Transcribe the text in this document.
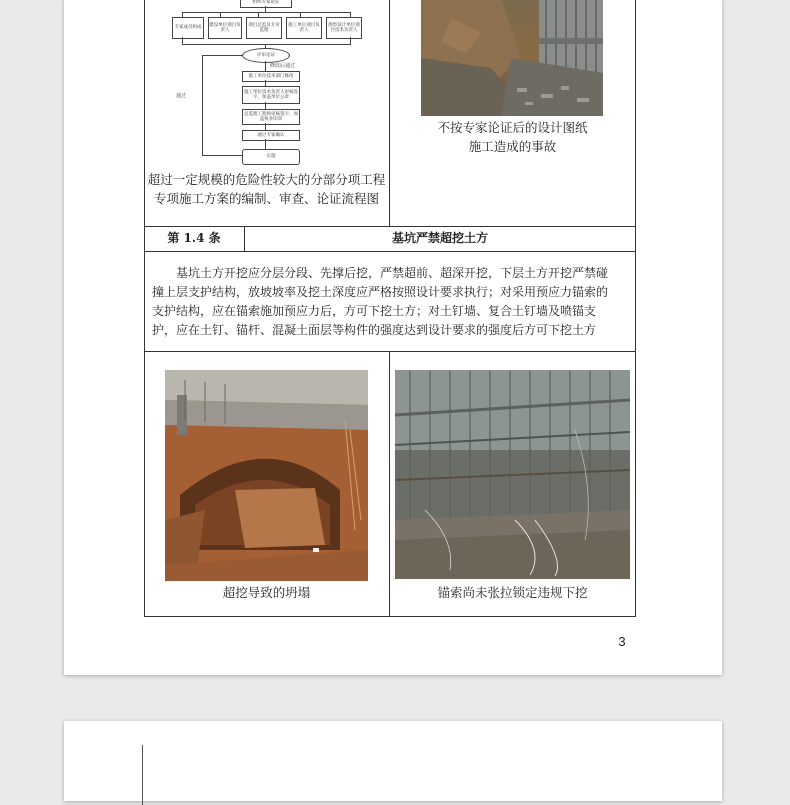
组织专家论证
专家成员组成
建设单位项目负责人
项目总监及专业监理
施工单位项目负责人
勘察设计单位项目技术负责人
评审论证
通过
修改后通过
施工单位技术部门修改
施工单位技术负责人审核签字、加盖单位公章
总监理工程师审核签字、加盖执业印章
通过专家确认
实施
超过一定规模的危险性较大的分部分项工程
专项施工方案的编制、审查、论证流程图
不按专家论证后的设计图纸
施工造成的事故
第 1.4 条	基坑严禁超挖土方
基坑土方开挖应分层分段、先撑后挖，严禁超前、超深开挖，下层土方开挖严禁碰
撞上层支护结构，放坡坡率及挖土深度应严格按照设计要求执行；对采用预应力锚索的
支护结构，应在锚索施加预应力后，方可下挖土方；对土钉墙、复合土钉墙及喷锚支
护，应在土钉、锚杆、混凝土面层等构件的强度达到设计要求的强度后方可下挖土方
超挖导致的坍塌	锚索尚未张拉锁定违规下挖
3
